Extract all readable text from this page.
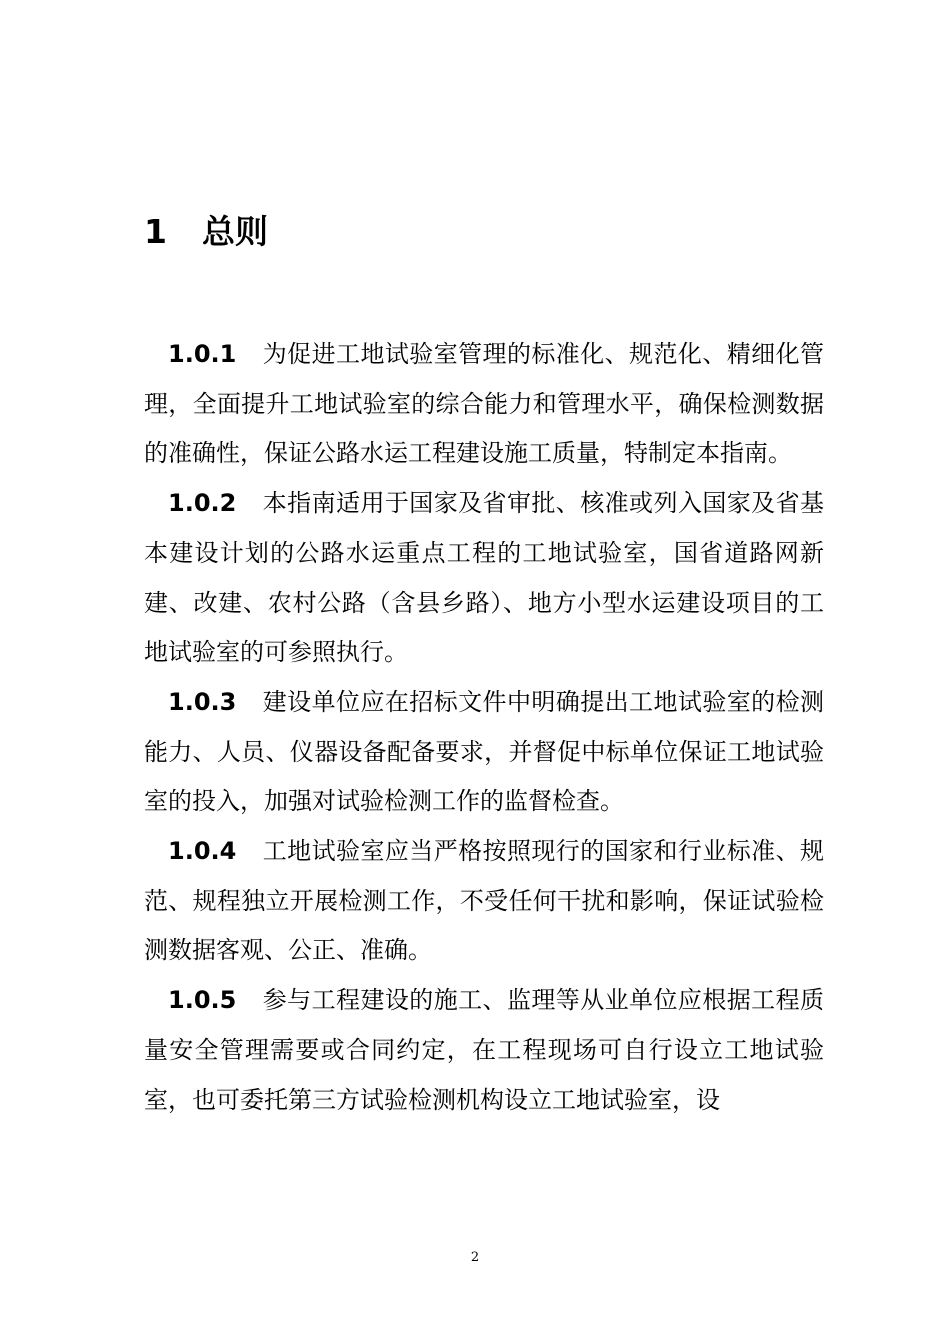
1 总则

1.0.1 为促进工地试验室管理的标准化、规范化、精细化管理，全面提升工地试验室的综合能力和管理水平，确保检测数据的准确性，保证公路水运工程建设施工质量，特制定本指南。

1.0.2 本指南适用于国家及省审批、核准或列入国家及省基本建设计划的公路水运重点工程的工地试验室，国省道路网新建、改建、农村公路（含县乡路）、地方小型水运建设项目的工地试验室的可参照执行。

1.0.3 建设单位应在招标文件中明确提出工地试验室的检测能力、人员、仪器设备配备要求，并督促中标单位保证工地试验室的投入，加强对试验检测工作的监督检查。

1.0.4 工地试验室应当严格按照现行的国家和行业标准、规范、规程独立开展检测工作，不受任何干扰和影响，保证试验检测数据客观、公正、准确。

1.0.5 参与工程建设的施工、监理等从业单位应根据工程质量安全管理需要或合同约定，在工程现场可自行设立工地试验室，也可委托第三方试验检测机构设立工地试验室，设

2
